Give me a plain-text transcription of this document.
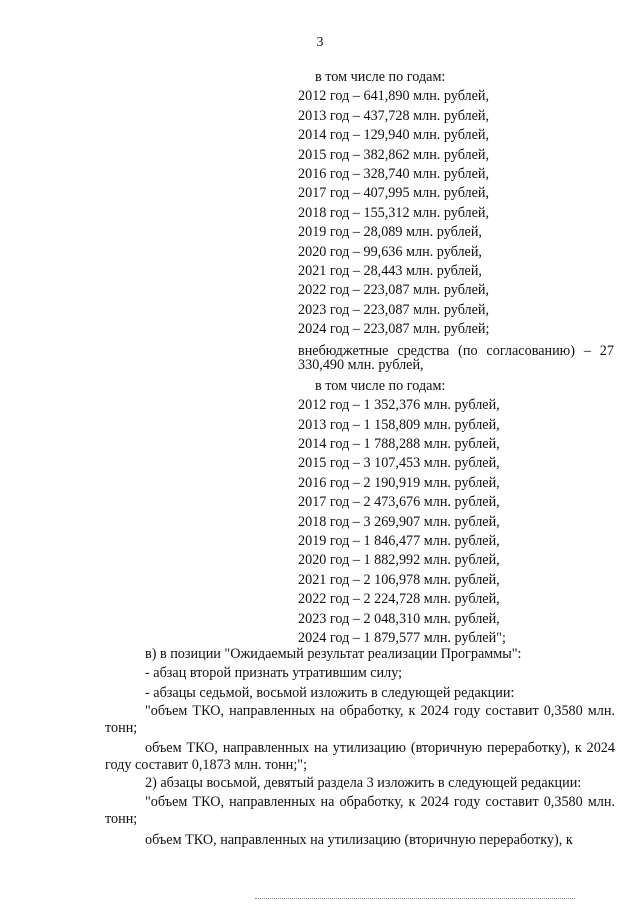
3
в том числе по годам:
2012 год – 641,890 млн. рублей,
2013 год – 437,728 млн. рублей,
2014 год – 129,940 млн. рублей,
2015 год – 382,862 млн. рублей,
2016 год – 328,740 млн. рублей,
2017 год – 407,995 млн. рублей,
2018 год – 155,312 млн. рублей,
2019 год – 28,089 млн. рублей,
2020 год – 99,636 млн. рублей,
2021 год – 28,443 млн. рублей,
2022 год – 223,087 млн. рублей,
2023 год – 223,087 млн. рублей,
2024 год – 223,087 млн. рублей;
внебюджетные средства (по согласованию) – 27 330,490 млн. рублей,
в том числе по годам:
2012 год – 1 352,376 млн. рублей,
2013 год – 1 158,809 млн. рублей,
2014 год – 1 788,288 млн. рублей,
2015 год – 3 107,453 млн. рублей,
2016 год – 2 190,919 млн. рублей,
2017 год – 2 473,676 млн. рублей,
2018 год – 3 269,907 млн. рублей,
2019 год – 1 846,477 млн. рублей,
2020 год – 1 882,992 млн. рублей,
2021 год – 2 106,978 млн. рублей,
2022 год – 2 224,728 млн. рублей,
2023 год – 2 048,310 млн. рублей,
2024 год – 1 879,577 млн. рублей";

в) в позиции "Ожидаемый результат реализации Программы":

- абзац второй признать утратившим силу;

- абзацы седьмой, восьмой изложить в следующей редакции:

"объем ТКО, направленных на обработку, к 2024 году составит 0,3580 млн. тонн;

объем ТКО, направленных на утилизацию (вторичную переработку), к 2024 году составит 0,1873 млн. тонн;";

2) абзацы восьмой, девятый раздела 3 изложить в следующей редакции:

"объем ТКО, направленных на обработку, к 2024 году составит 0,3580 млн. тонн;

объем ТКО, направленных на утилизацию (вторичную переработку), к
